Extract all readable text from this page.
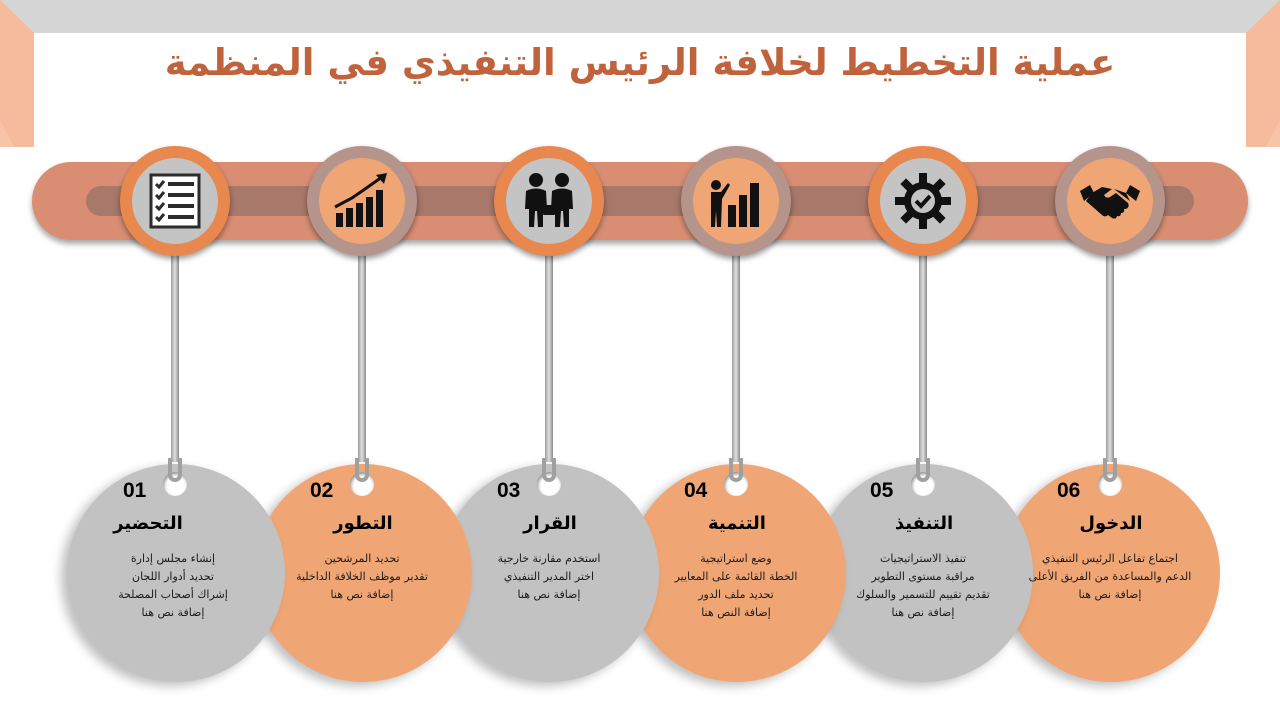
عملية التخطيط لخلافة الرئيس التنفيذي في المنظمة
01
التحضير
إنشاء مجلس إدارة
تحديد أدوار اللجان
إشراك أصحاب المصلحة
إضافة نص هنا
02
التطور
تحديد المرشحين
تقدير موظف الخلافة الداخلية
إضافة نص هنا
03
القرار
استخدم مقارنة خارجية
اختر المدير التنفيذي
إضافة نص هنا
04
التنمية
وضع استراتيجية
الخطة القائمة على المعايير
تحديد ملف الدور
إضافة النص هنا
05
التنفيذ
تنفيذ الاستراتيجيات
مراقبة مستوى التطوير
تقديم تقييم للتسمير والسلوك
إضافة نص هنا
06
الدخول
اجتماع تفاعل الرئيس التنفيذي
الدعم والمساعدة من الفريق الأعلى
إضافة نص هنا
